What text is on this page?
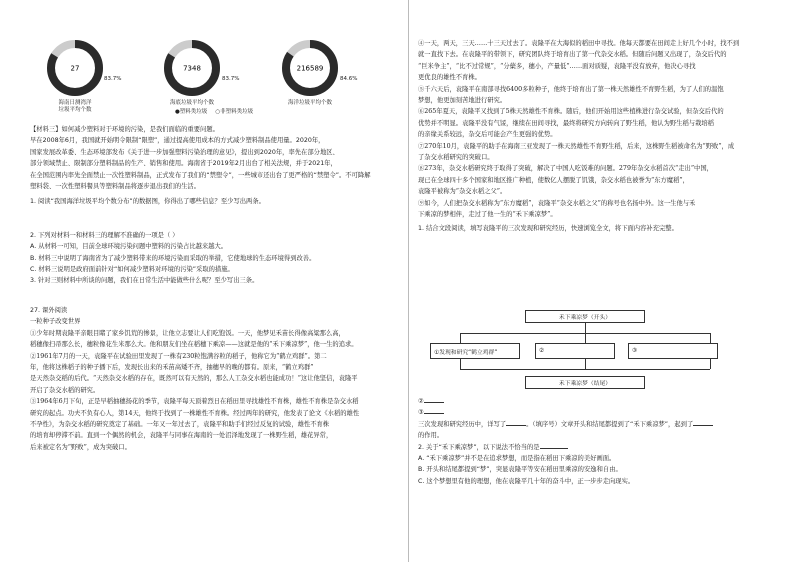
27
海南日测湾洋
垃圾平均个数
83.7%
7348
海底垃圾平均个数
83.7%
216589
海洋垃圾平均个数
84.6%
●塑料类垃圾 ○非塑料类垃圾

【材料三】如何减少塑料对于环境的污染，是我们面临的重要问题。

早在2008年6月，我国就开始明令限制“限塑”，通过提高使用成本的方式减少塑料制品使用量。2020年，

国家发展改革委、生态环境部发布《关于进一步加强塑料污染治理的意见》，提出到2020年，率先在部分地区、

部分领域禁止、限制部分塑料制品的生产、销售和使用。海南省于2019年2月出台了相关法规，并于2021年，

在全国范围内率先全面禁止一次性塑料制品，正式发布了我们的“禁塑令”，一些城市还出台了更严格的“禁塑令”。不可降解

塑料袋、一次性塑料餐具等塑料制品将逐步退出我们的生活。

1. 阅读“我国海洋垃圾平均个数分布”的数据图，你得出了哪些信息？至少写出两条。

2. 下列对材料一和材料三的理解不准确的一项是（ ）

A. 从材料一可知，目前全球环境污染问题中塑料的污染占比越来越大。

B. 材料三中说明了海南省为了减少塑料带来的环境污染而采取的举措，它使地球的生态环境得到改善。

C. 材料三说明是政府面前针对“如何减少塑料对环境的污染”采取的措施。

3. 针对三则材料中所谈的问题，我们在日常生活中能做些什么呢？至少写出三条。

27. 课外阅读

一粒种子改变世界

①少年时期袁隆平亲眼目睹了家乡饥荒的惨景，让他立志要让人们吃饱饭。一天，他梦见禾苗长得像高粱那么高，

稻穗像扫帚那么长，穗粒像花生米那么大。他和朋友们坐在稻穗下乘凉——这就是他的“禾下乘凉梦”，他一生的追求。

②1961年7月的一天，袁隆平在试验田里发现了一株有230粒饱满谷粒的稻子，他称它为“鹤立鸡群”。第二

年，他将这株稻子的种子播下后，发现长出来的禾苗高矮不齐，抽穗早的晚的都有。原来，“鹤立鸡群”

是天然杂交稻的后代。“天然杂交水稻的存在，既然可以有天然的，那么人工杂交水稻也能成功！”这让他坚信，袁隆平

开启了杂交水稻的研究。

③1964年6月下旬，正是早稻抽穗扬花的季节，袁隆平每天顶着烈日在稻田里寻找雄性不育株，雄性不育株是杂交水稻

研究的起点。功夫不负有心人，第14天，他终于找到了一株雄性不育株。经过两年的研究，他发表了论文《水稻的雄性

不孕性》，为杂交水稻的研究奠定了基础。一年又一年过去了，袁隆平和助手们经过反复的试验，雄性不育株

的培育却停滞不前。直到一个偶然的机会，袁隆平与同事在海南的一处沼泽地发现了一株野生稻，雄花异常，

后来被定名为“野败”，成为突破口。

④一天，两天，三天……十三天过去了。袁隆平在大海似的稻田中寻找。他每天都要在田间走上好几个小时，找不到

就一直找下去。在袁隆平的带领下，研究团队终于培育出了第一代杂交水稻。但随后问题又出现了，杂交后代的

“巨米争主”，“比不过常规”，“分蘖多，穗小，产量低”……面对质疑，袁隆平没有放弃，他决心寻找

更优良的雄性不育株。

⑤千六天后，袁隆平在南部寻找6400多粒种子，他终于培育出了第一株天然雄性不育野生稻，为了人们的温饱

梦想，他更加刻苦地进行研究。

⑥265年夏天，袁隆平又找到了5株天然雄性不育株。随后，他们开始用这些植株进行杂交试验，但杂交后代的

优势并不明显。袁隆平没有气馁，继续在田间寻找，最终将研究方向转向了野生稻，他认为野生稻与栽培稻

的亲缘关系较远，杂交后可能会产生更强的优势。

⑦270年10月，袁隆平的助手在海南三亚发现了一株天然雄性不育野生稻，后来，这株野生稻被命名为“野败”，成

了杂交水稻研究的突破口。

⑧273年，杂交水稻研究终于取得了突破，解决了中国人吃饭难的问题。279年杂交水稻首次“走出”中国，

现已在全球四十多个国家和地区推广种植，使数亿人摆脱了饥饿，杂交水稻也被誉为“东方魔稻”，

袁隆平被称为“杂交水稻之父”。

⑨如今，人们把杂交水稻称为“东方魔稻”，袁隆平“杂交水稻之父”的称号也名扬中外。这一生他与禾

下乘凉的梦相伴，走过了他一生的“禾下乘凉梦”。

1. 结合文段阅读，填写袁隆平的三次发现和研究经历，快速浏览全文，将下面内容补充完整。

禾下乘凉梦（开头）
①发现和研究“鹤立鸡群”	②	③
禾下乘凉梦（结尾）

②

③

三次发现和研究经历中，详写了	。（填序号）文章开头和结尾都提到了“禾下乘凉梦”，起到了

的作用。

2. 关于“禾下乘凉梦”，以下说法不恰当的是

A. “禾下乘凉梦”并不是在追求梦想，而是指在稻田下乘凉的美好画面。

B. 开头和结尾都提到“梦”，突显袁隆平等安在稻田里乘凉的安逸和自由。

C. 这个梦想里有他的理想，他在袁隆平几十年的奋斗中，正一步步走向现实。
